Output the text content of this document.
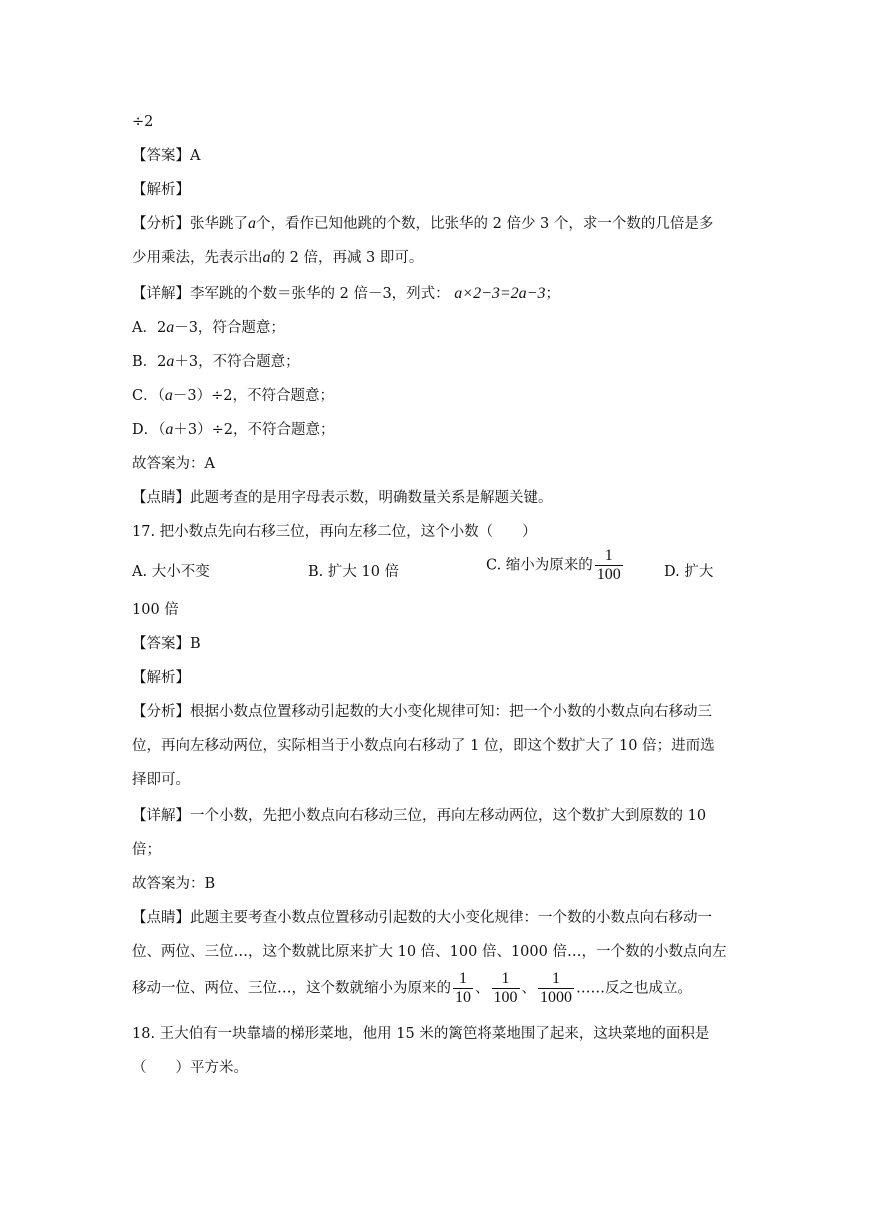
÷2
【答案】A
【解析】
【分析】张华跳了a个，看作已知他跳的个数，比张华的 2 倍少 3 个，求一个数的几倍是多
少用乘法，先表示出a的 2 倍，再减 3 即可。
【详解】李军跳的个数＝张华的 2 倍－3，列式： a×2−3=2a−3；
A．2a－3，符合题意；
B．2a＋3，不符合题意；
C．（a－3）÷2，不符合题意；
D．（a＋3）÷2，不符合题意；
故答案为：A
【点睛】此题考查的是用字母表示数，明确数量关系是解题关键。
17. 把小数点先向右移三位，再向左移二位，这个小数（　　）
A. 大小不变	B. 扩大 10 倍	C. 缩小为原来的 $\frac{1}{100}$	D. 扩大
100 倍
【答案】B
【解析】
【分析】根据小数点位置移动引起数的大小变化规律可知：把一个小数的小数点向右移动三
位，再向左移动两位，实际相当于小数点向右移动了 1 位，即这个数扩大了 10 倍；进而选
择即可。
【详解】一个小数，先把小数点向右移动三位，再向左移动两位，这个数扩大到原数的 10
倍；
故答案为：B
【点睛】此题主要考查小数点位置移动引起数的大小变化规律：一个数的小数点向右移动一
位、两位、三位…，这个数就比原来扩大 10 倍、100 倍、1000 倍…，一个数的小数点向左
移动一位、两位、三位…，这个数就缩小为原来的 $\frac{1}{10}$ 、 $\frac{1}{100}$ 、 $\frac{1}{1000}$ ……反之也成立。
18. 王大伯有一块靠墙的梯形菜地，他用 15 米的篱笆将菜地围了起来，这块菜地的面积是
（　　）平方米。
